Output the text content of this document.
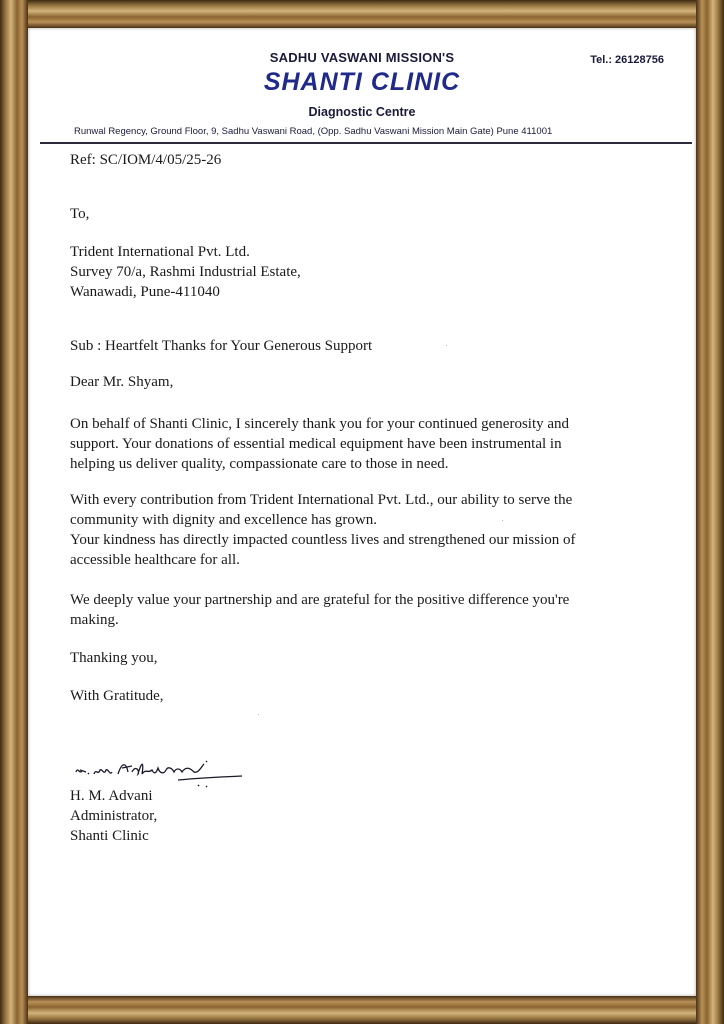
SADHU VASWANI MISSION'S	Tel.: 26128756
SHANTI CLINIC
Diagnostic Centre
Runwal Regency, Ground Floor, 9, Sadhu Vaswani Road, (Opp. Sadhu Vaswani Mission Main Gate) Pune 411001
Ref: SC/IOM/4/05/25-26
To,
Trident International Pvt. Ltd.
Survey 70/a, Rashmi Industrial Estate,
Wanawadi, Pune-411040
Sub : Heartfelt Thanks for Your Generous Support
Dear Mr. Shyam,
On behalf of Shanti Clinic, I sincerely thank you for your continued generosity and
support. Your donations of essential medical equipment have been instrumental in
helping us deliver quality, compassionate care to those in need.
With every contribution from Trident International Pvt. Ltd., our ability to serve the
community with dignity and excellence has grown.
Your kindness has directly impacted countless lives and strengthened our mission of
accessible healthcare for all.
We deeply value your partnership and are grateful for the positive difference you're
making.
Thanking you,
With Gratitude,
H. M. Advani
Administrator,
Shanti Clinic
